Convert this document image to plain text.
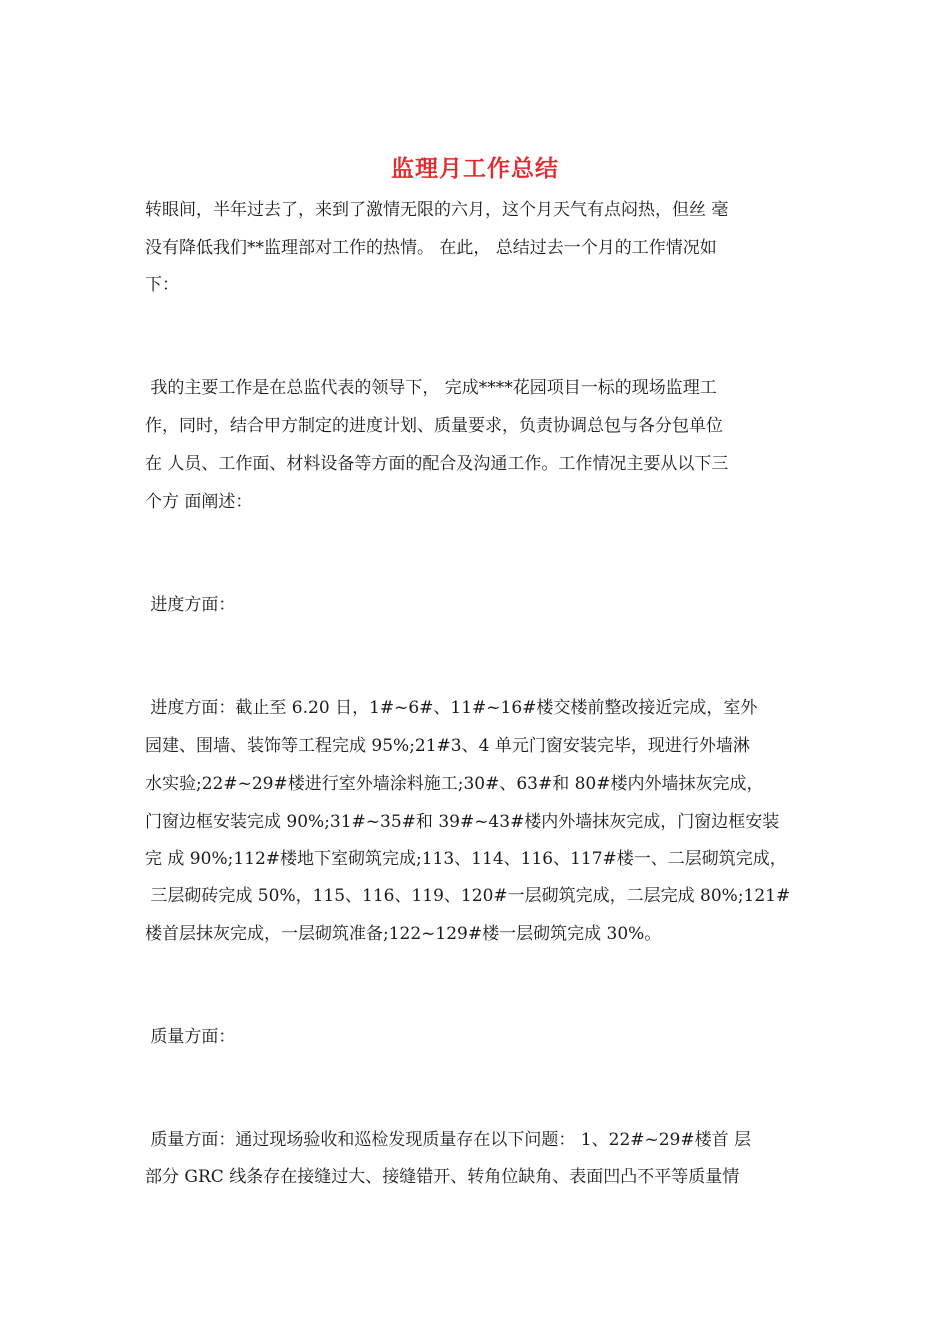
监理月工作总结
转眼间，半年过去了，来到了激情无限的六月，这个月天气有点闷热，但丝 毫
没有降低我们**监理部对工作的热情。 在此， 总结过去一个月的工作情况如
下：
我的主要工作是在总监代表的领导下， 完成****花园项目一标的现场监理工
作，同时，结合甲方制定的进度计划、质量要求，负责协调总包与各分包单位
在 人员、工作面、材料设备等方面的配合及沟通工作。工作情况主要从以下三
个方 面阐述：
进度方面：
进度方面：截止至 6.20 日，1#~6#、11#~16#楼交楼前整改接近完成，室外
园建、围墙、装饰等工程完成 95%;21#3、4 单元门窗安装完毕，现进行外墙淋
水实验;22#~29#楼进行室外墙涂料施工;30#、63#和 80#楼内外墙抹灰完成，
门窗边框安装完成 90%;31#~35#和 39#~43#楼内外墙抹灰完成，门窗边框安装
完 成 90%;112#楼地下室砌筑完成;113、114、116、117#楼一、二层砌筑完成，
三层砌砖完成 50%，115、116、119、120#一层砌筑完成，二层完成 80%;121#
楼首层抹灰完成，一层砌筑准备;122~129#楼一层砌筑完成 30%。
质量方面：
质量方面：通过现场验收和巡检发现质量存在以下问题： 1、22#~29#楼首 层
部分 GRC 线条存在接缝过大、接缝错开、转角位缺角、表面凹凸不平等质量情
